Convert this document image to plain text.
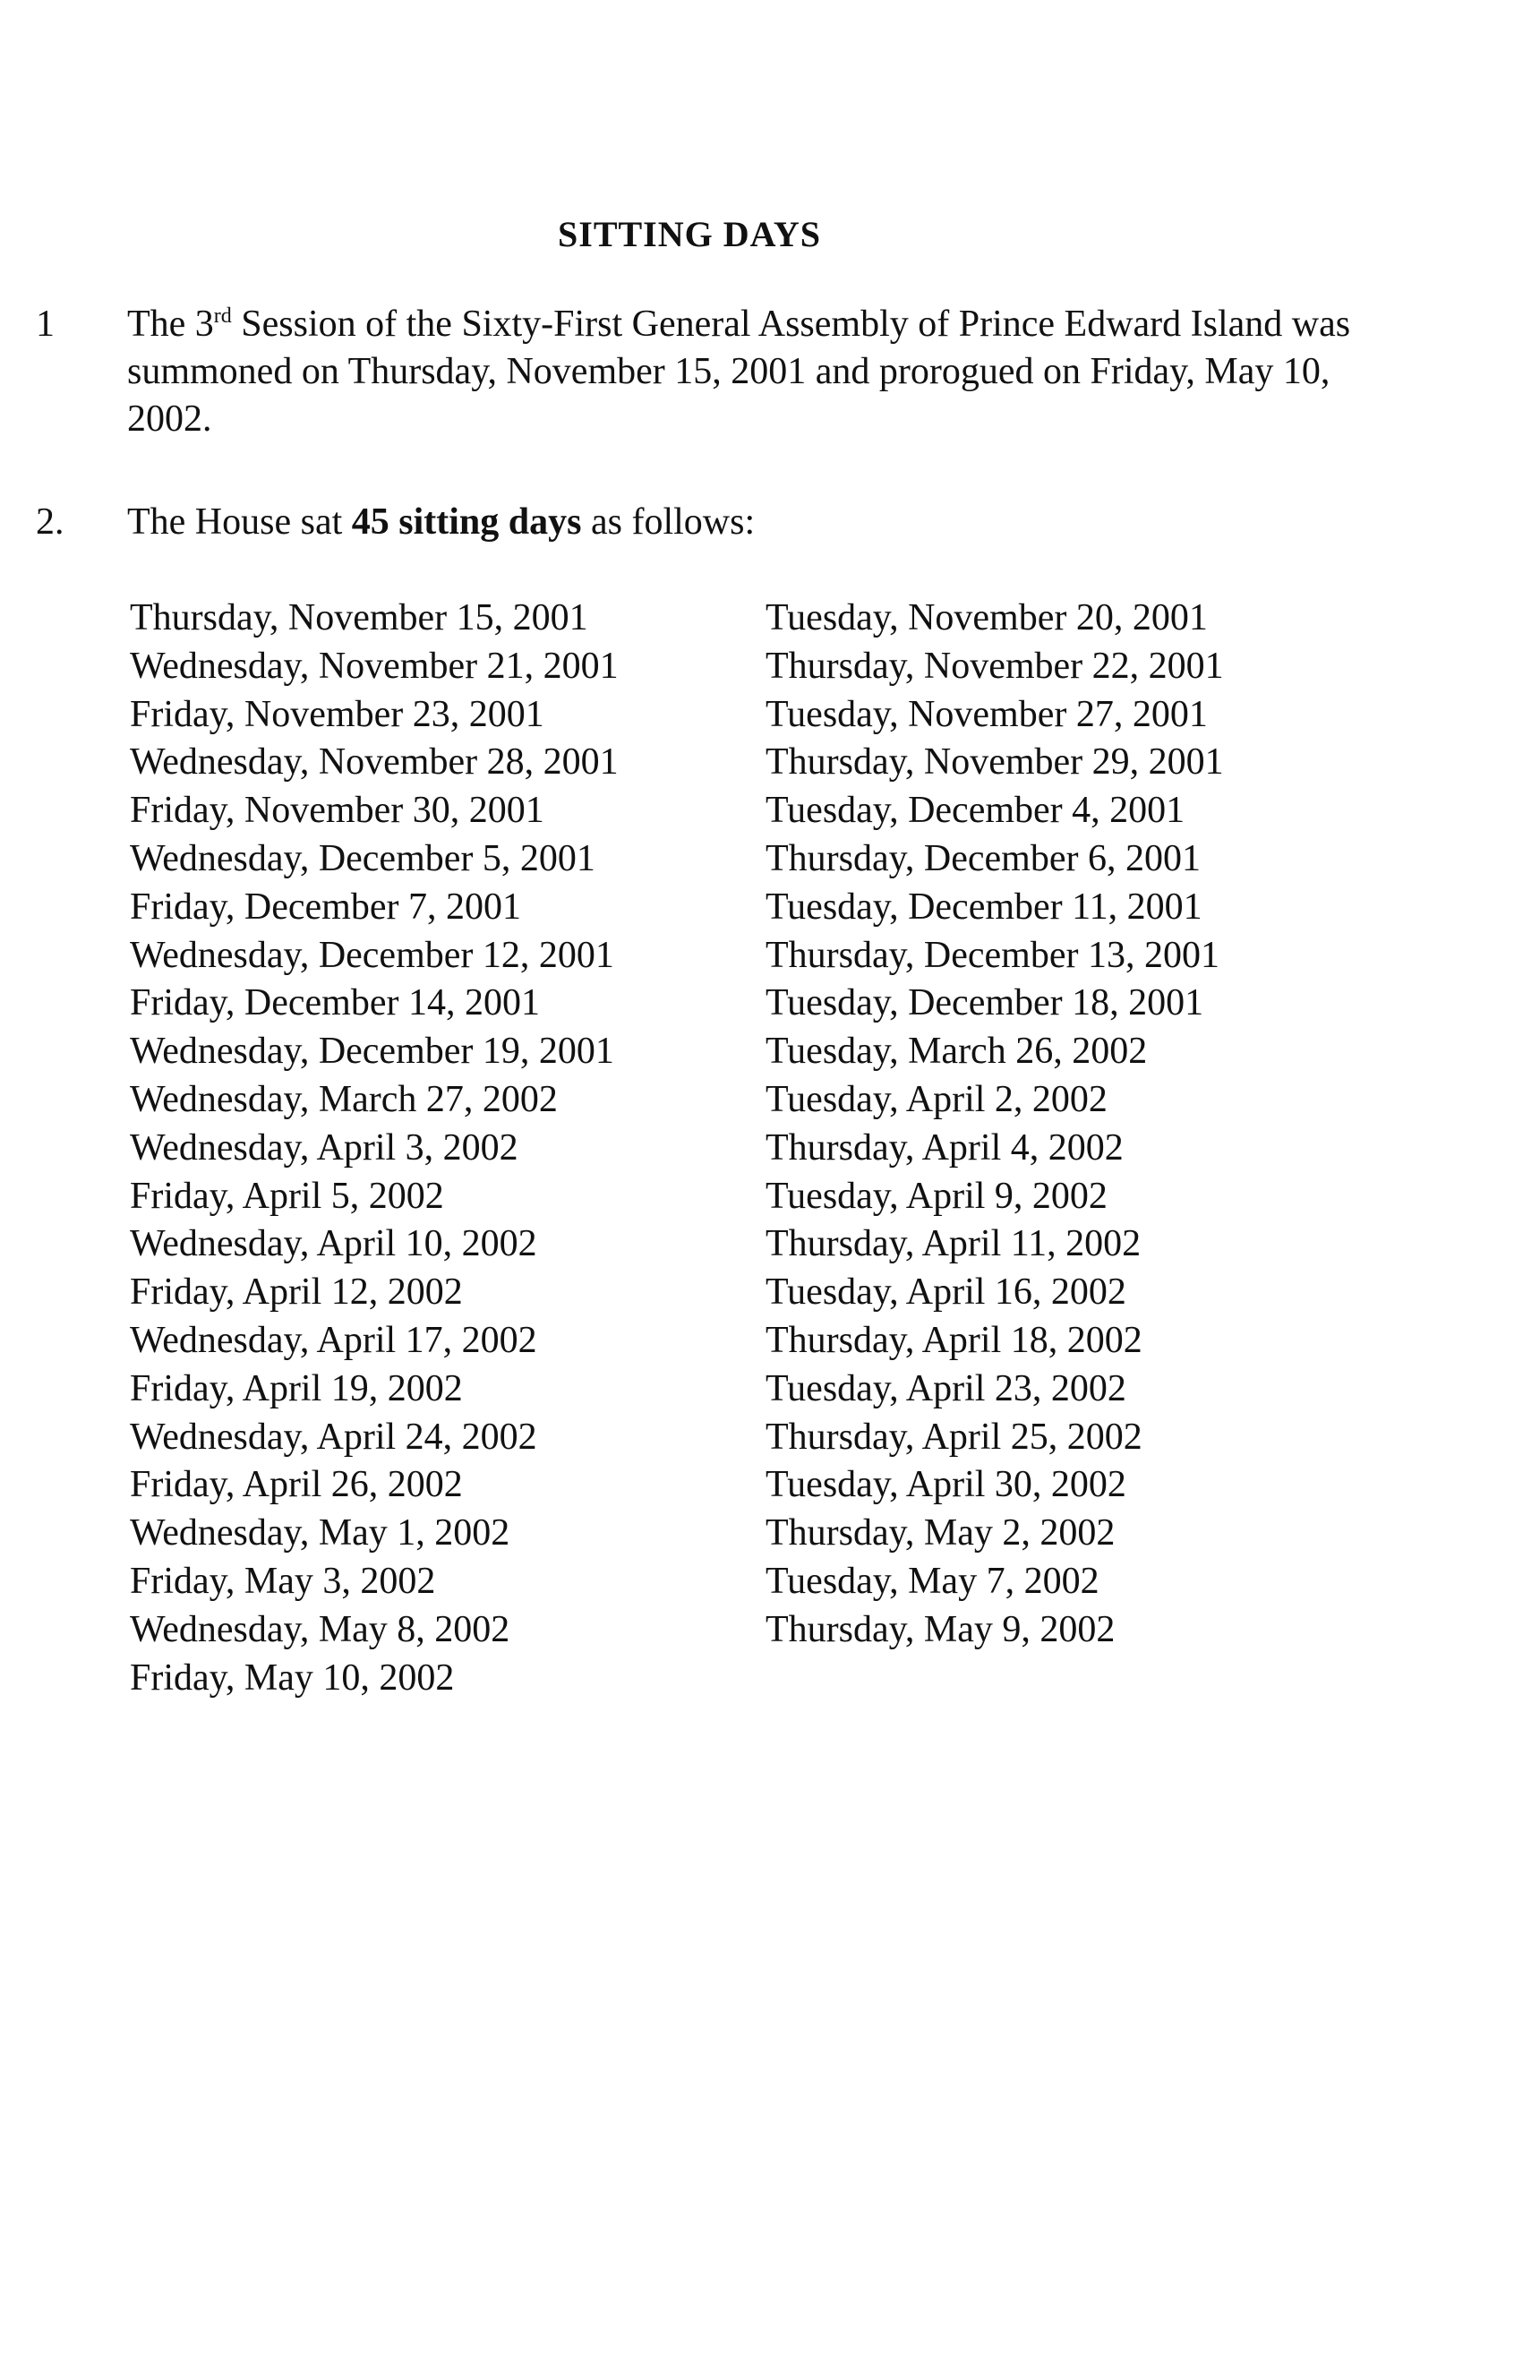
SITTING DAYS
1 The 3rd Session of the Sixty-First General Assembly of Prince Edward Island was summoned on Thursday, November 15, 2001 and prorogued on Friday, May 10, 2002.
2. The House sat 45 sitting days as follows:
Thursday, November 15, 2001
Wednesday, November 21, 2001
Friday, November 23, 2001
Wednesday, November 28, 2001
Friday, November 30, 2001
Wednesday, December 5, 2001
Friday, December 7, 2001
Wednesday, December 12, 2001
Friday, December 14, 2001
Wednesday, December 19, 2001
Wednesday, March 27, 2002
Wednesday, April 3, 2002
Friday, April 5, 2002
Wednesday, April 10, 2002
Friday, April 12, 2002
Wednesday, April 17, 2002
Friday, April 19, 2002
Wednesday, April 24, 2002
Friday, April 26, 2002
Wednesday, May 1, 2002
Friday, May 3, 2002
Wednesday, May 8, 2002
Friday, May 10, 2002
Tuesday, November 20, 2001
Thursday, November 22, 2001
Tuesday, November 27, 2001
Thursday, November 29, 2001
Tuesday, December 4, 2001
Thursday, December 6, 2001
Tuesday, December 11, 2001
Thursday, December 13, 2001
Tuesday, December 18, 2001
Tuesday, March 26, 2002
Tuesday, April 2, 2002
Thursday, April 4, 2002
Tuesday, April 9, 2002
Thursday, April 11, 2002
Tuesday, April 16, 2002
Thursday, April 18, 2002
Tuesday, April 23, 2002
Thursday, April 25, 2002
Tuesday, April 30, 2002
Thursday, May 2, 2002
Tuesday, May 7, 2002
Thursday, May 9, 2002
